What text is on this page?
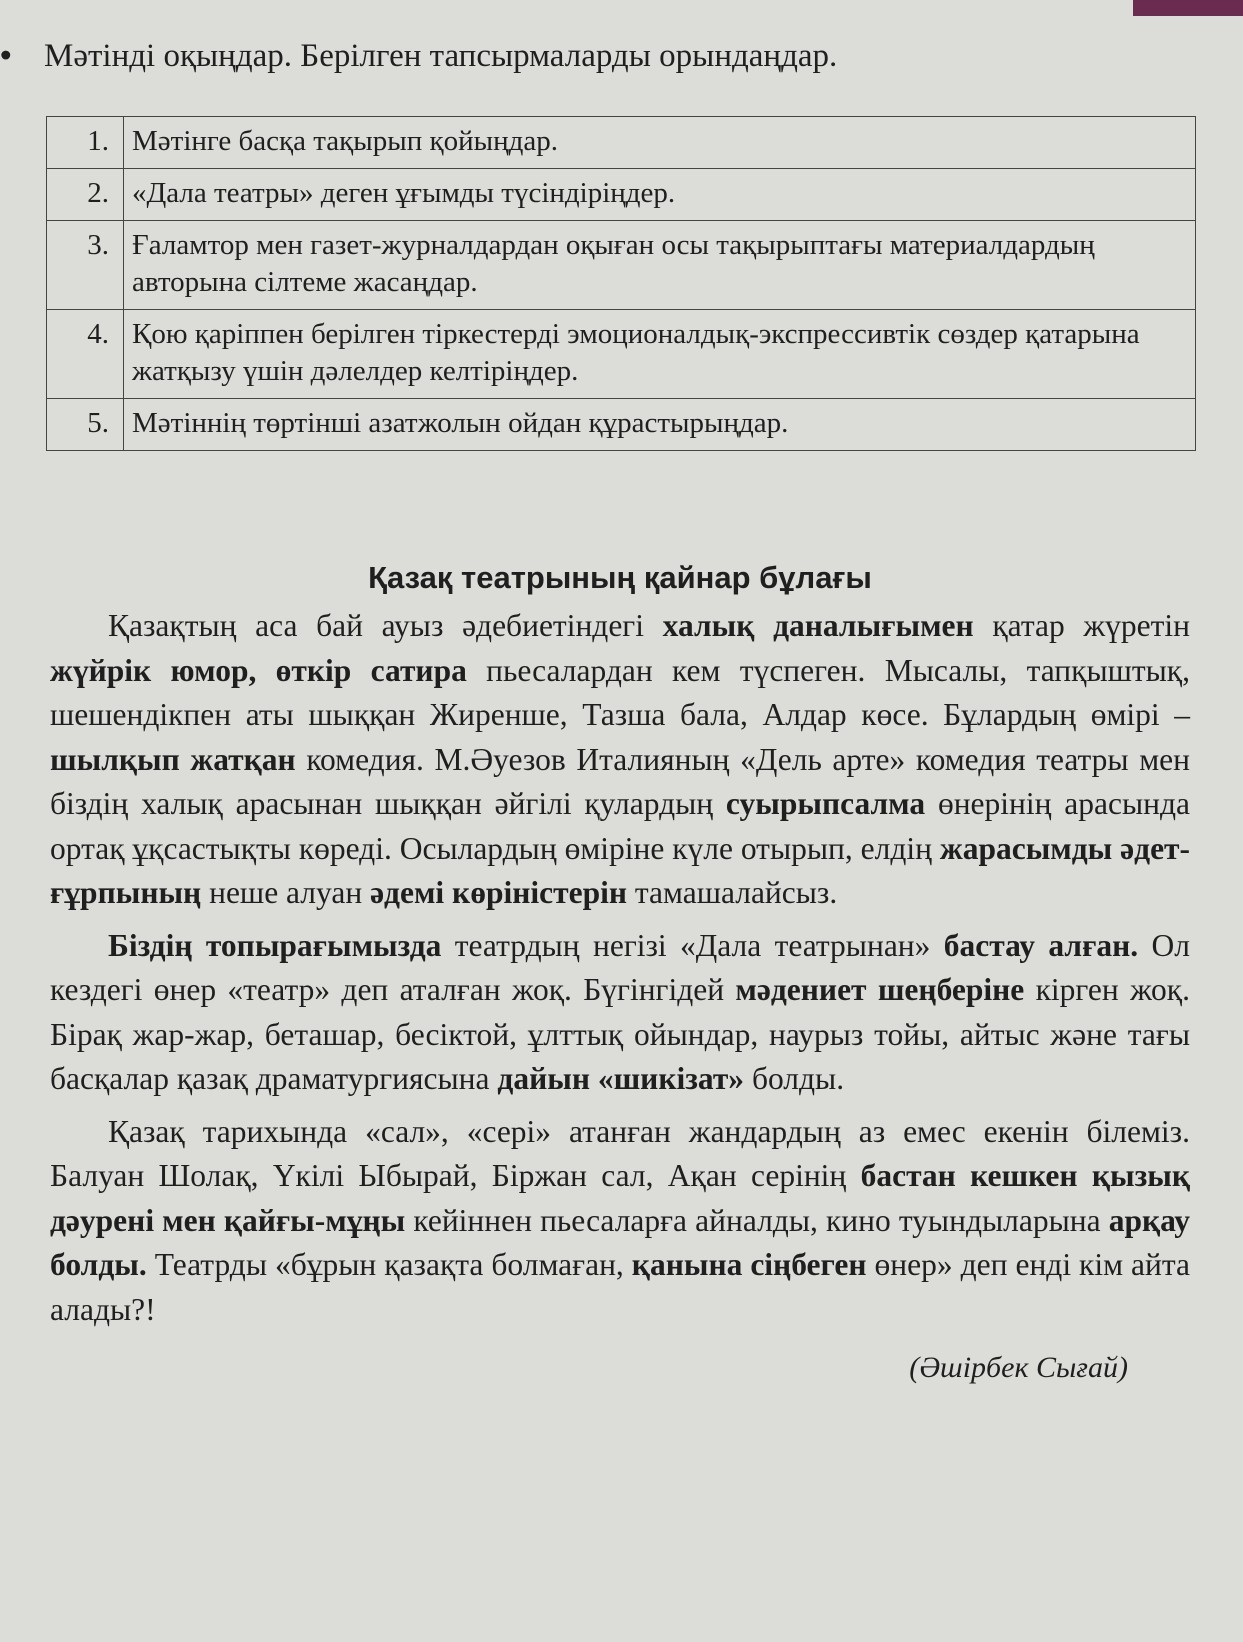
• Мәтінді оқыңдар. Берілген тапсырмаларды орындаңдар.
1.	Мәтінге басқа тақырып қойыңдар.
2.	«Дала театры» деген ұғымды түсіндіріңдер.
3.	Ғаламтор мен газет-журналдардан оқыған осы тақырыптағы материалдардың авторына сілтеме жасаңдар.
4.	Қою қаріппен берілген тіркестерді эмоционалдық-экспрессивтік сөздер қатарына жатқызу үшін дәлелдер келтіріңдер.
5.	Мәтіннің төртінші азатжолын ойдан құрастырыңдар.
Қазақ театрының қайнар бұлағы

Қазақтың аса бай ауыз әдебиетіндегі халық даналығымен қатар жүретін жүйрік юмор, өткір сатира пьесалардан кем түспеген. Мысалы, тапқыштық, шешендікпен аты шыққан Жиренше, Тазша бала, Алдар көсе. Бұлардың өмірі – шылқып жатқан комедия. М.Әуезов Италияның «Дель арте» комедия театры мен біздің халық арасынан шыққан әйгілі қулардың суырыпсалма өнерінің арасында ортақ ұқсастықты көреді. Осылардың өміріне күле отырып, елдің жарасымды әдет-ғұрпының неше алуан әдемі көріністерін тамашалайсыз.

Біздің топырағымызда театрдың негізі «Дала театрынан» бастау алған. Ол кездегі өнер «театр» деп аталған жоқ. Бүгінгідей мәдениет шеңберіне кірген жоқ. Бірақ жар-жар, беташар, бесіктой, ұлттық ойындар, наурыз тойы, айтыс және тағы басқалар қазақ драматургиясына дайын «шикізат» болды.

Қазақ тарихында «сал», «сері» атанған жандардың аз емес екенін білеміз. Балуан Шолақ, Үкілі Ыбырай, Біржан сал, Ақан серінің бастан кешкен қызық дәурені мен қайғы-мұңы кейіннен пьесаларға айналды, кино туындыларына арқау болды. Театрды «бұрын қазақта болмаған, қанына сіңбеген өнер» деп енді кім айта алады?!

(Әшірбек Сығай)
